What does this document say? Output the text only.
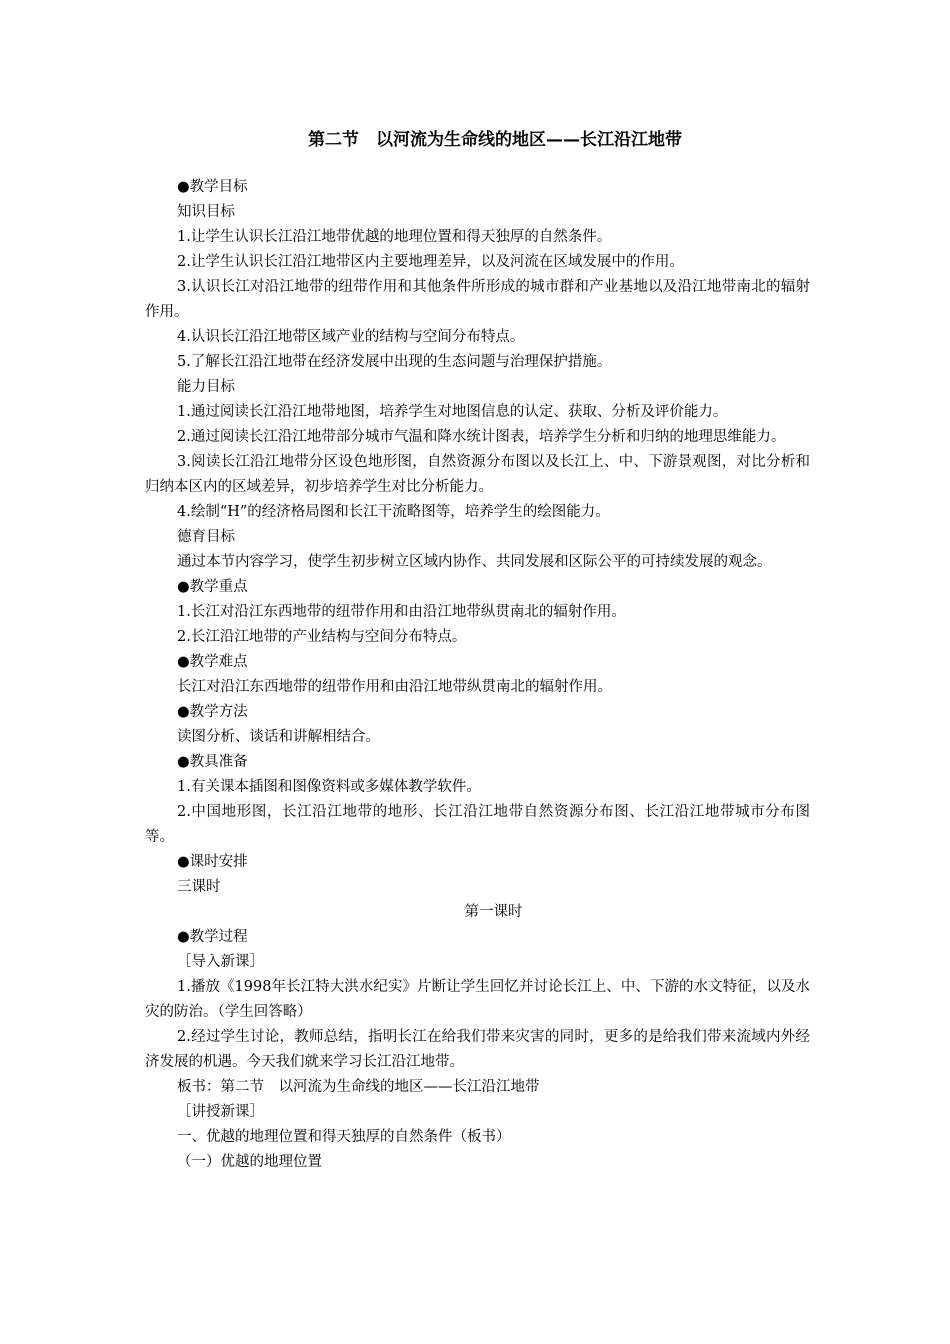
第二节　以河流为生命线的地区——长江沿江地带

●教学目标

知识目标

1.让学生认识长江沿江地带优越的地理位置和得天独厚的自然条件。

2.让学生认识长江沿江地带区内主要地理差异，以及河流在区域发展中的作用。

3.认识长江对沿江地带的纽带作用和其他条件所形成的城市群和产业基地以及沿江地带南北的辐射作用。

4.认识长江沿江地带区域产业的结构与空间分布特点。

5.了解长江沿江地带在经济发展中出现的生态问题与治理保护措施。

能力目标

1.通过阅读长江沿江地带地图，培养学生对地图信息的认定、获取、分析及评价能力。

2.通过阅读长江沿江地带部分城市气温和降水统计图表，培养学生分析和归纳的地理思维能力。

3.阅读长江沿江地带分区设色地形图，自然资源分布图以及长江上、中、下游景观图，对比分析和归纳本区内的区域差异，初步培养学生对比分析能力。

4.绘制“H”的经济格局图和长江干流略图等，培养学生的绘图能力。

德育目标

通过本节内容学习，使学生初步树立区域内协作、共同发展和区际公平的可持续发展的观念。

●教学重点

1.长江对沿江东西地带的纽带作用和由沿江地带纵贯南北的辐射作用。

2.长江沿江地带的产业结构与空间分布特点。

●教学难点

长江对沿江东西地带的纽带作用和由沿江地带纵贯南北的辐射作用。

●教学方法

读图分析、谈话和讲解相结合。

●教具准备

1.有关课本插图和图像资料或多媒体教学软件。

2.中国地形图，长江沿江地带的地形、长江沿江地带自然资源分布图、长江沿江地带城市分布图等。

●课时安排

三课时

第一课时

●教学过程

［导入新课］

1.播放《1998年长江特大洪水纪实》片断让学生回忆并讨论长江上、中、下游的水文特征，以及水灾的防治。（学生回答略）

2.经过学生讨论，教师总结，指明长江在给我们带来灾害的同时，更多的是给我们带来流域内外经济发展的机遇。今天我们就来学习长江沿江地带。

板书：第二节　以河流为生命线的地区——长江沿江地带

［讲授新课］

一、优越的地理位置和得天独厚的自然条件（板书）

（一）优越的地理位置
